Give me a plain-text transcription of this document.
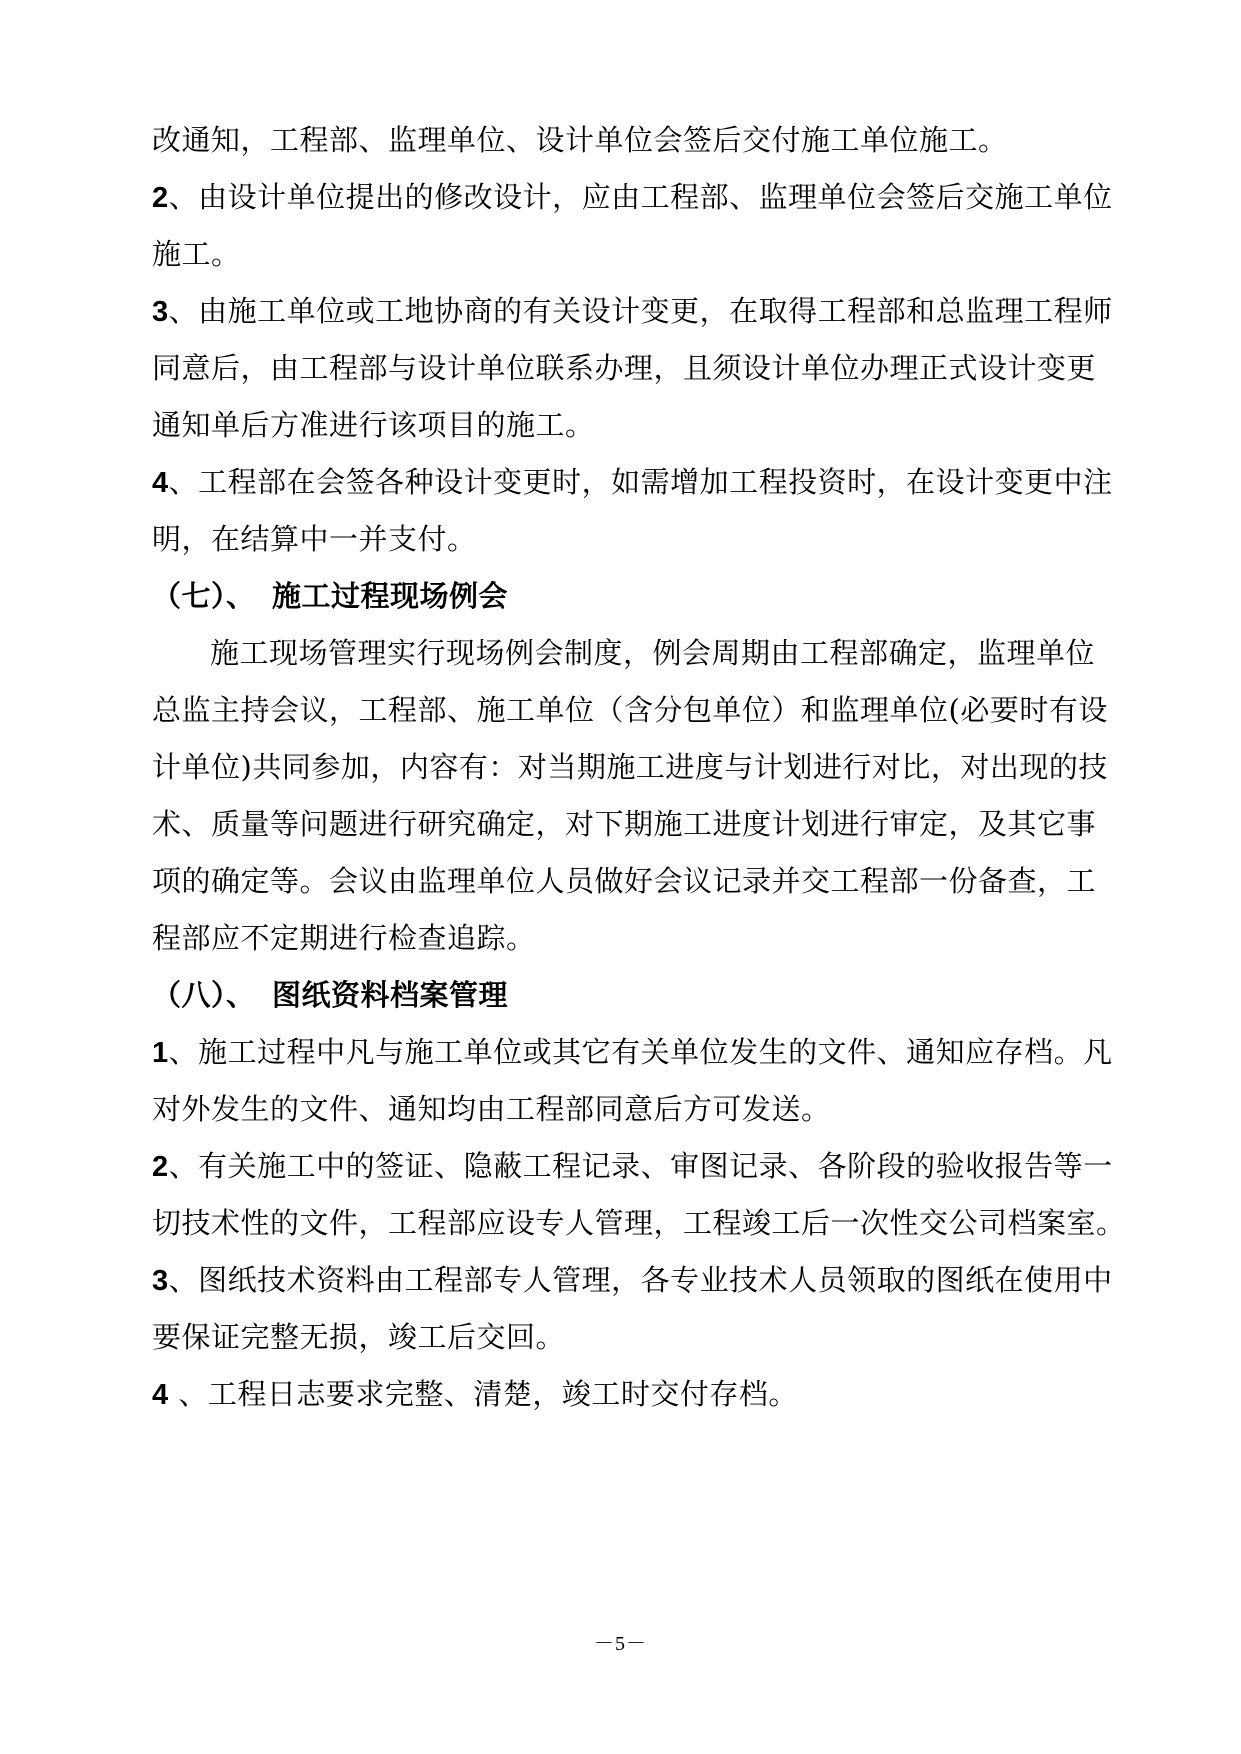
改通知，工程部、监理单位、设计单位会签后交付施工单位施工。
2、由设计单位提出的修改设计，应由工程部、监理单位会签后交施工单位
施工。
3、由施工单位或工地协商的有关设计变更，在取得工程部和总监理工程师
同意后，由工程部与设计单位联系办理，且须设计单位办理正式设计变更
通知单后方准进行该项目的施工。
4、工程部在会签各种设计变更时，如需增加工程投资时，在设计变更中注
明，在结算中一并支付。
（七）、 施工过程现场例会
施工现场管理实行现场例会制度，例会周期由工程部确定，监理单位
总监主持会议，工程部、施工单位（含分包单位）和监理单位(必要时有设
计单位)共同参加，内容有：对当期施工进度与计划进行对比，对出现的技
术、质量等问题进行研究确定，对下期施工进度计划进行审定，及其它事
项的确定等。会议由监理单位人员做好会议记录并交工程部一份备查，工
程部应不定期进行检查追踪。
（八）、 图纸资料档案管理
1、施工过程中凡与施工单位或其它有关单位发生的文件、通知应存档。凡
对外发生的文件、通知均由工程部同意后方可发送。
2、有关施工中的签证、隐蔽工程记录、审图记录、各阶段的验收报告等一
切技术性的文件，工程部应设专人管理，工程竣工后一次性交公司档案室。
3、图纸技术资料由工程部专人管理，各专业技术人员领取的图纸在使用中
要保证完整无损，竣工后交回。
4 、工程日志要求完整、清楚，竣工时交付存档。
－5－
